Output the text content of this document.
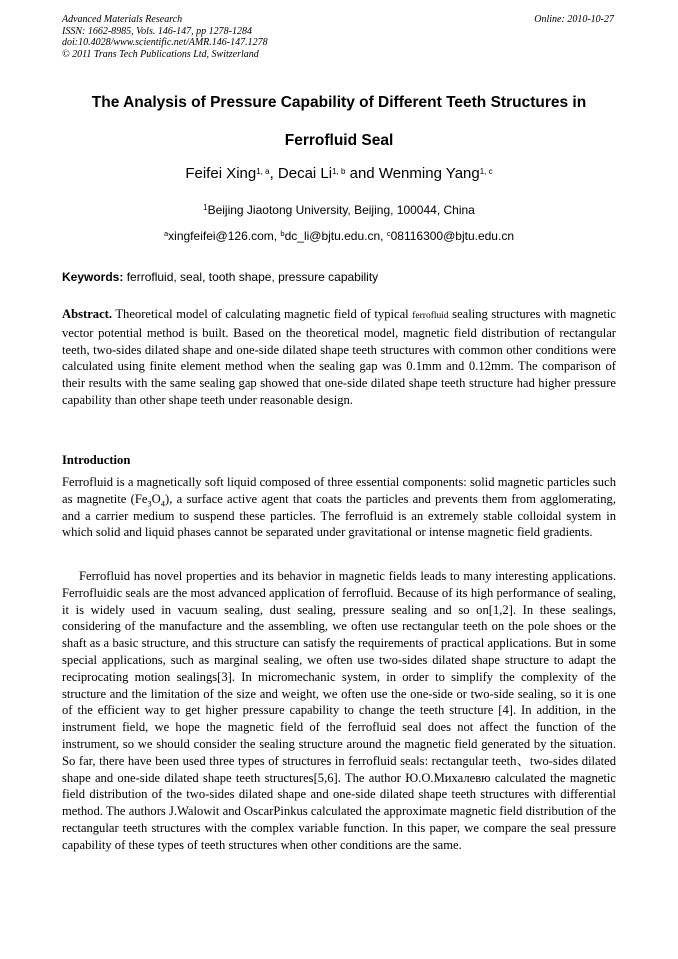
Advanced Materials Research
ISSN: 1662-8985, Vols. 146-147, pp 1278-1284
doi:10.4028/www.scientific.net/AMR.146-147.1278
© 2011 Trans Tech Publications Ltd, Switzerland
Online: 2010-10-27
The Analysis of Pressure Capability of Different Teeth Structures in
Ferrofluid Seal
Feifei Xing$^{1, a}$, Decai Li$^{1, b}$ and Wenming Yang$^{1, c}$
$^1$Beijing Jiaotong University, Beijing, 100044, China
$^a$xingfeifei@126.com, $^b$dc_li@bjtu.edu.cn, $^c$08116300@bjtu.edu.cn
Keywords: ferrofluid, seal, tooth shape, pressure capability

Abstract. Theoretical model of calculating magnetic field of typical ferrofluid sealing structures with magnetic vector potential method is built. Based on the theoretical model, magnetic field distribution of rectangular teeth, two-sides dilated shape and one-side dilated shape teeth structures with common other conditions were calculated using finite element method when the sealing gap was 0.1mm and 0.12mm. The comparison of their results with the same sealing gap showed that one-side dilated shape teeth structure had higher pressure capability than other shape teeth under reasonable design.

Introduction

Ferrofluid is a magnetically soft liquid composed of three essential components: solid magnetic particles such as magnetite $(Fe_3O_4)$, a surface active agent that coats the particles and prevents them from agglomerating, and a carrier medium to suspend these particles. The ferrofluid is an extremely stable colloidal system in which solid and liquid phases cannot be separated under gravitational or intense magnetic field gradients.

Ferrofluid has novel properties and its behavior in magnetic fields leads to many interesting applications. Ferrofluidic seals are the most advanced application of ferrofluid. Because of its high performance of sealing, it is widely used in vacuum sealing, dust sealing, pressure sealing and so on[1,2]. In these sealings, considering of the manufacture and the assembling, we often use rectangular teeth on the pole shoes or the shaft as a basic structure, and this structure can satisfy the requirements of practical applications. But in some special applications, such as marginal sealing, we often use two-sides dilated shape structure to adapt the reciprocating motion sealings[3]. In micromechanic system, in order to simplify the complexity of the structure and the limitation of the size and weight, we often use the one-side or two-side sealing, so it is one of the efficient way to get higher pressure capability to change the teeth structure [4]. In addition, in the instrument field, we hope the magnetic field of the ferrofluid seal does not affect the function of the instrument, so we should consider the sealing structure around the magnetic field generated by the situation. So far, there have been used three types of structures in ferrofluid seals: rectangular teeth、two-sides dilated shape and one-side dilated shape teeth structures[5,6]. The author Ю.О.Михалевю calculated the magnetic field distribution of the two-sides dilated shape and one-side dilated shape teeth structures with differential method. The authors J.Walowit and OscarPinkus calculated the approximate magnetic field distribution of the rectangular teeth structures with the complex variable function. In this paper, we compare the seal pressure capability of these types of teeth structures when other conditions are the same.
